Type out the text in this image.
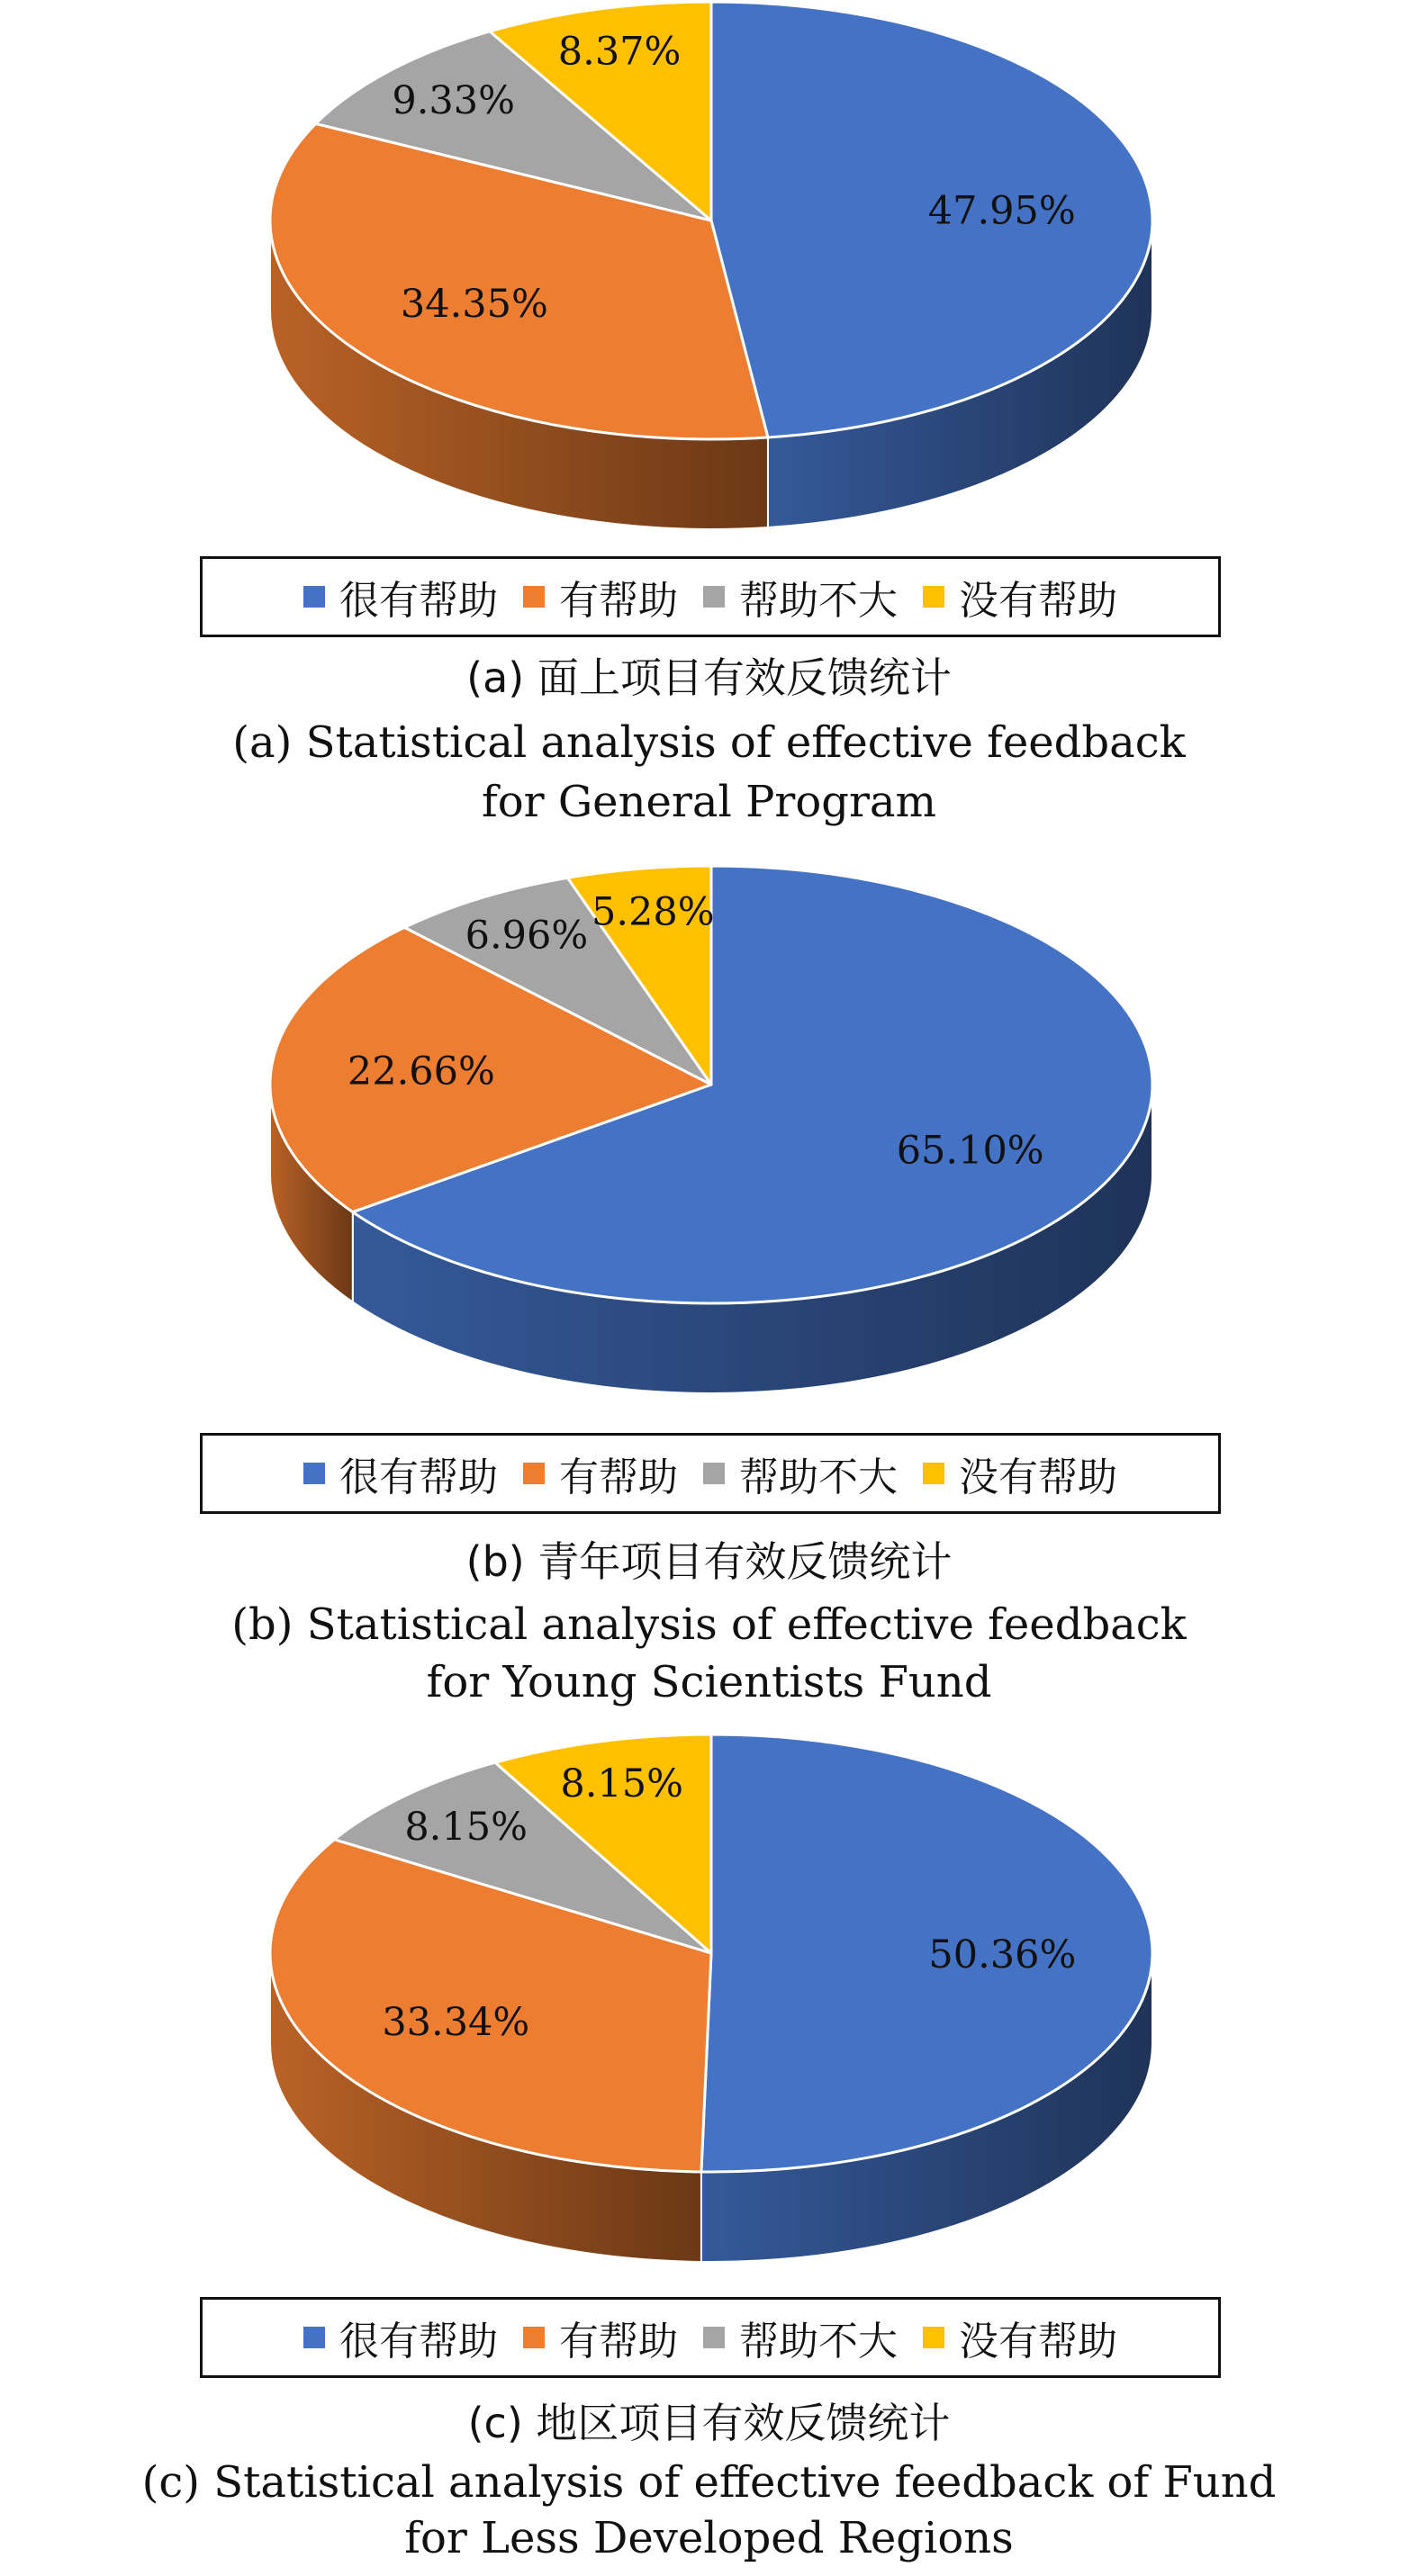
47.95%
34.35%
9.33%
8.37%
很有帮助 有帮助 帮助不大 没有帮助
(a) 面上项目有效反馈统计
(a) Statistical analysis of effective feedback
for General Program
65.10%
22.66%
6.96%
5.28%
很有帮助 有帮助 帮助不大 没有帮助
(b) 青年项目有效反馈统计
(b) Statistical analysis of effective feedback
for Young Scientists Fund
50.36%
33.34%
8.15%
8.15%
很有帮助 有帮助 帮助不大 没有帮助
(c) 地区项目有效反馈统计
(c) Statistical analysis of effective feedback of Fund
for Less Developed Regions
